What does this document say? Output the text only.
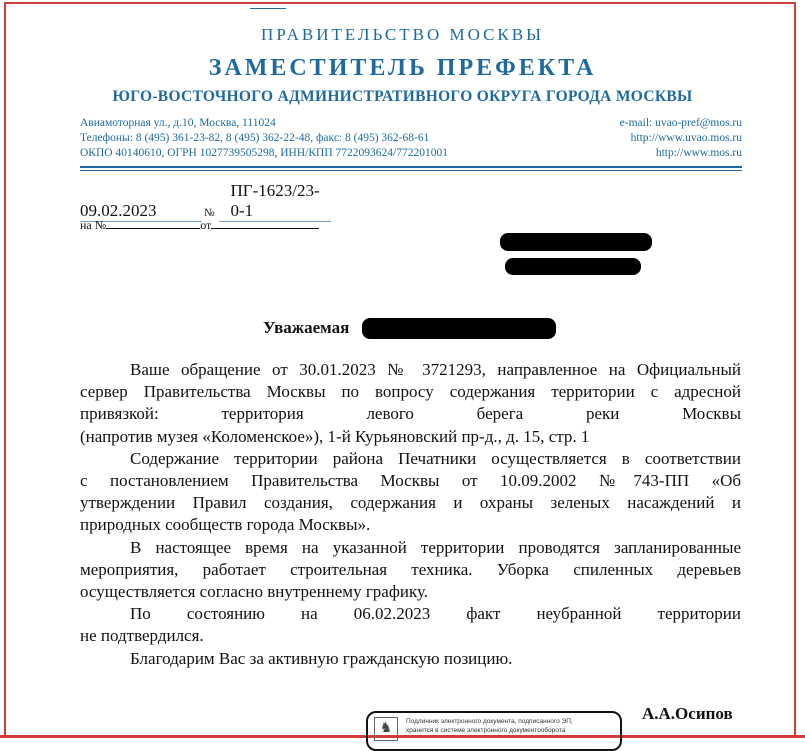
ПРАВИТЕЛЬСТВО МОСКВЫ
ЗАМЕСТИТЕЛЬ ПРЕФЕКТА
ЮГО-ВОСТОЧНОГО АДМИНИСТРАТИВНОГО ОКРУГА ГОРОДА МОСКВЫ
Авиамоторная ул., д.10, Москва, 111024	e-mail: uvao-pref@mos.ru
Телефоны: 8 (495) 361-23-82, 8 (495) 362-22-48, факс: 8 (495) 362-68-61	http://www.uvao.mos.ru
ОКПО 40140610, ОГРН 1027739505298, ИНН/КПП 7722093624/772201001	http://www.mos.ru
09.02.2023	№ПГ-1623/23-0-1
на №	от
Уважаемая
Ваше обращение от 30.01.2023 № 3721293, направленное на Официальный
сервер Правительства Москвы по вопросу содержания территории с адресной
привязкой: территория левого берега реки Москвы
(напротив музея «Коломенское»), 1-й Курьяновский пр-д., д. 15, стр. 1
Содержание территории района Печатники осуществляется в соответствии
с постановлением Правительства Москвы от 10.09.2002 №743-ПП «Об
утверждении Правил создания, содержания и охраны зеленых насаждений и
природных сообществ города Москвы».
В настоящее время на указанной территории проводятся запланированные
мероприятия, работает строительная техника. Уборка спиленных деревьев
осуществляется согласно внутреннему графику.
По состоянию на 06.02.2023 факт неубранной территории
не подтвердился.
Благодарим Вас за активную гражданскую позицию.
♞	Подлинник электронного документа, подписанного ЭП,
хранится в системе электронного документооборота
А.А.Осипов
